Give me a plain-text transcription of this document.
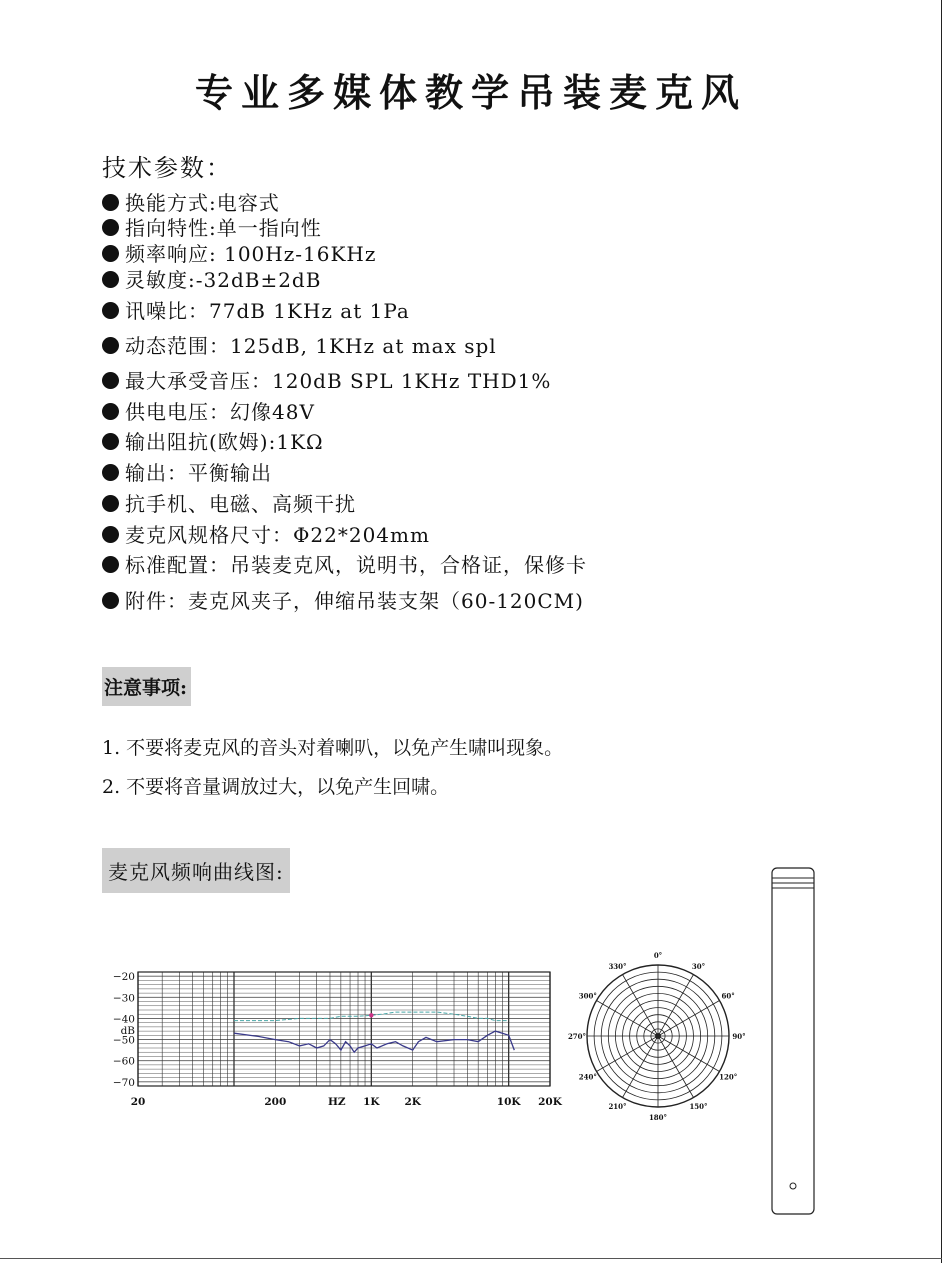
专业多媒体教学吊装麦克风
技术参数：
换能方式:电容式
指向特性:单一指向性
频率响应: 100Hz-16KHz
灵敏度:-32dB±2dB
讯噪比：77dB 1KHz at 1Pa
动态范围：125dB, 1KHz at max spl
最大承受音压：120dB SPL 1KHz THD1%
供电电压：幻像48V
输出阻抗(欧姆):1KΩ
输出：平衡输出
抗手机、电磁、高频干扰
麦克风规格尺寸：Φ22*204mm
标准配置：吊装麦克风，说明书，合格证，保修卡
附件：麦克风夹子，伸缩吊装支架（60-120CM)
注意事项:
1. 不要将麦克风的音头对着喇叭，以免产生啸叫现象。
2. 不要将音量调放过大，以免产生回啸。
麦克风频响曲线图:
−20
−30
−40
−50
−60
−70
dB
20	200	HZ 1K 2K	10K 20K
0°
30°
60°
90°
120°
150°
180°
210°
240°
270°
300°
330°
